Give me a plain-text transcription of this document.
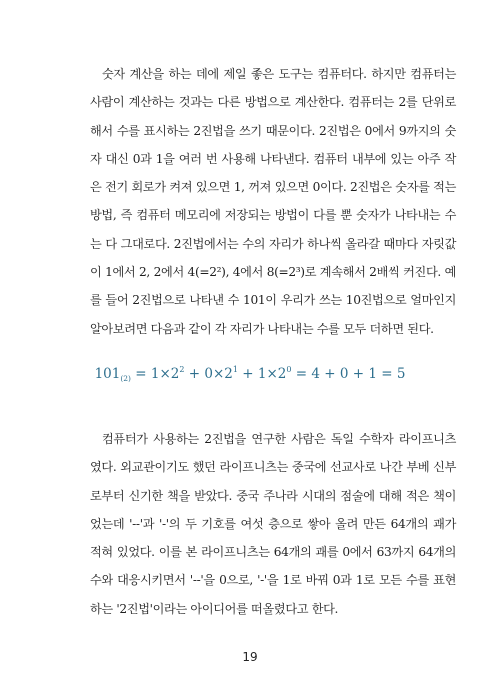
숫자 계산을 하는 데에 제일 좋은 도구는 컴퓨터다. 하지만 컴퓨터는
사람이 계산하는 것과는 다른 방법으로 계산한다. 컴퓨터는 2를 단위로
해서 수를 표시하는 2진법을 쓰기 때문이다. 2진법은 0에서 9까지의 숫
자 대신 0과 1을 여러 번 사용해 나타낸다. 컴퓨터 내부에 있는 아주 작
은 전기 회로가 켜져 있으면 1, 꺼져 있으면 0이다. 2진법은 숫자를 적는
방법, 즉 컴퓨터 메모리에 저장되는 방법이 다를 뿐 숫자가 나타내는 수
는 다 그대로다. 2진법에서는 수의 자리가 하나씩 올라갈 때마다 자릿값
이 1에서 2, 2에서 4(=2²), 4에서 8(=2³)로 계속해서 2배씩 커진다. 예
를 들어 2진법으로 나타낸 수 101이 우리가 쓰는 10진법으로 얼마인지
알아보려면 다음과 같이 각 자리가 나타내는 수를 모두 더하면 된다.
$101_{(2)} = 1\times 2^2 + 0\times 2^1 + 1\times 2^0 = 4 + 0 + 1 = 5$
컴퓨터가 사용하는 2진법을 연구한 사람은 독일 수학자 라이프니츠
였다. 외교관이기도 했던 라이프니츠는 중국에 선교사로 나간 부베 신부
로부터 신기한 책을 받았다. 중국 주나라 시대의 점술에 대해 적은 책이
었는데 '--'과 '-'의 두 기호를 여섯 층으로 쌓아 올려 만든 64개의 괘가
적혀 있었다. 이를 본 라이프니츠는 64개의 괘를 0에서 63까지 64개의
수와 대응시키면서 '--'을 0으로, '-'을 1로 바꿔 0과 1로 모든 수를 표현
하는 '2진법'이라는 아이디어를 떠올렸다고 한다.
19
